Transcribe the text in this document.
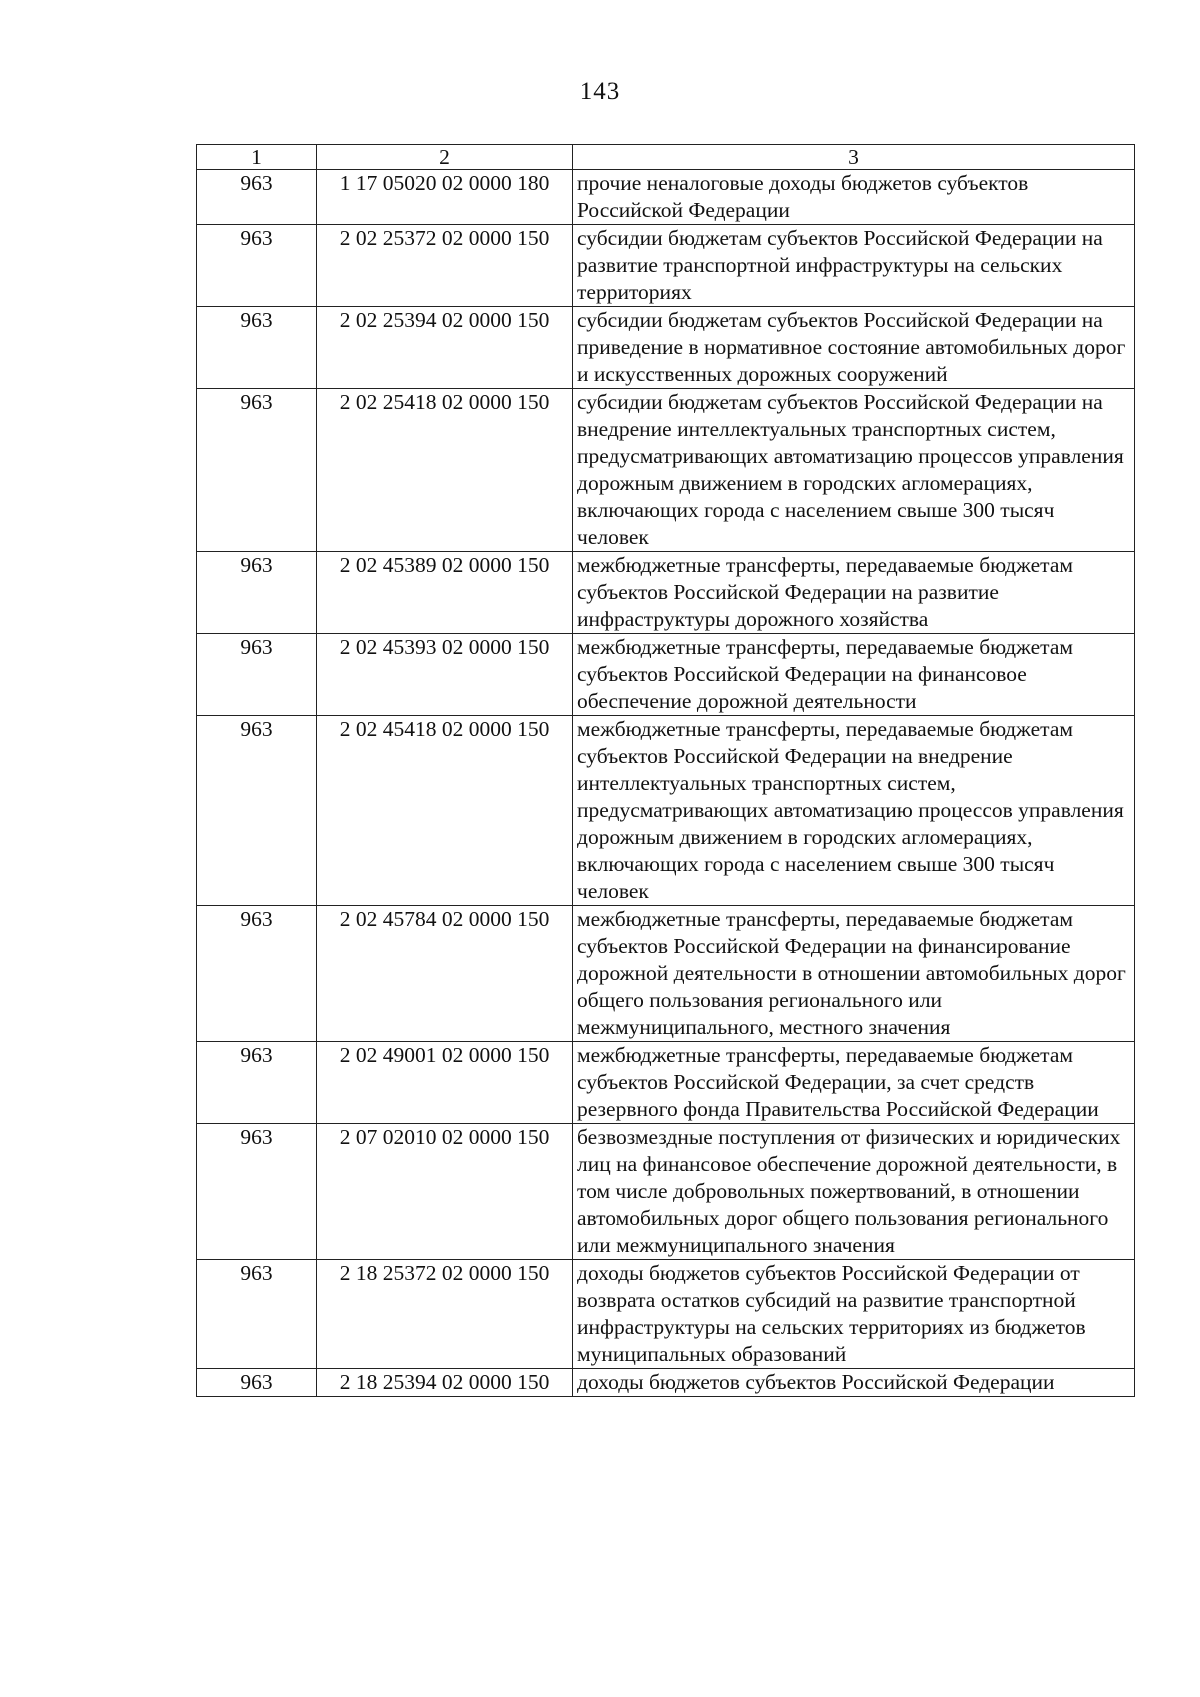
143
1	2	3
963	1 17 05020 02 0000 180	прочие неналоговые доходы бюджетов субъектов Российской Федерации
963	2 02 25372 02 0000 150	субсидии бюджетам субъектов Российской Федерации на развитие транспортной инфраструктуры на сельских территориях
963	2 02 25394 02 0000 150	субсидии бюджетам субъектов Российской Федерации на приведение в нормативное состояние автомобильных дорог и искусственных дорожных сооружений
963	2 02 25418 02 0000 150	субсидии бюджетам субъектов Российской Федерации на внедрение интеллектуальных транспортных систем, предусматривающих автоматизацию процессов управления дорожным движением в городских агломерациях, включающих города с населением свыше 300 тысяч человек
963	2 02 45389 02 0000 150	межбюджетные трансферты, передаваемые бюджетам субъектов Российской Федерации на развитие инфраструктуры дорожного хозяйства
963	2 02 45393 02 0000 150	межбюджетные трансферты, передаваемые бюджетам субъектов Российской Федерации на финансовое обеспечение дорожной деятельности
963	2 02 45418 02 0000 150	межбюджетные трансферты, передаваемые бюджетам субъектов Российской Федерации на внедрение интеллектуальных транспортных систем, предусматривающих автоматизацию процессов управления дорожным движением в городских агломерациях, включающих города с населением свыше 300 тысяч человек
963	2 02 45784 02 0000 150	межбюджетные трансферты, передаваемые бюджетам субъектов Российской Федерации на финансирование дорожной деятельности в отношении автомобильных дорог общего пользования регионального или межмуниципального, местного значения
963	2 02 49001 02 0000 150	межбюджетные трансферты, передаваемые бюджетам субъектов Российской Федерации, за счет средств резервного фонда Правительства Российской Федерации
963	2 07 02010 02 0000 150	безвозмездные поступления от физических и юридических лиц на финансовое обеспечение дорожной деятельности, в том числе добровольных пожертвований, в отношении автомобильных дорог общего пользования регионального или межмуниципального значения
963	2 18 25372 02 0000 150	доходы бюджетов субъектов Российской Федерации от возврата остатков субсидий на развитие транспортной инфраструктуры на сельских территориях из бюджетов муниципальных образований
963	2 18 25394 02 0000 150	доходы бюджетов субъектов Российской Федерации
